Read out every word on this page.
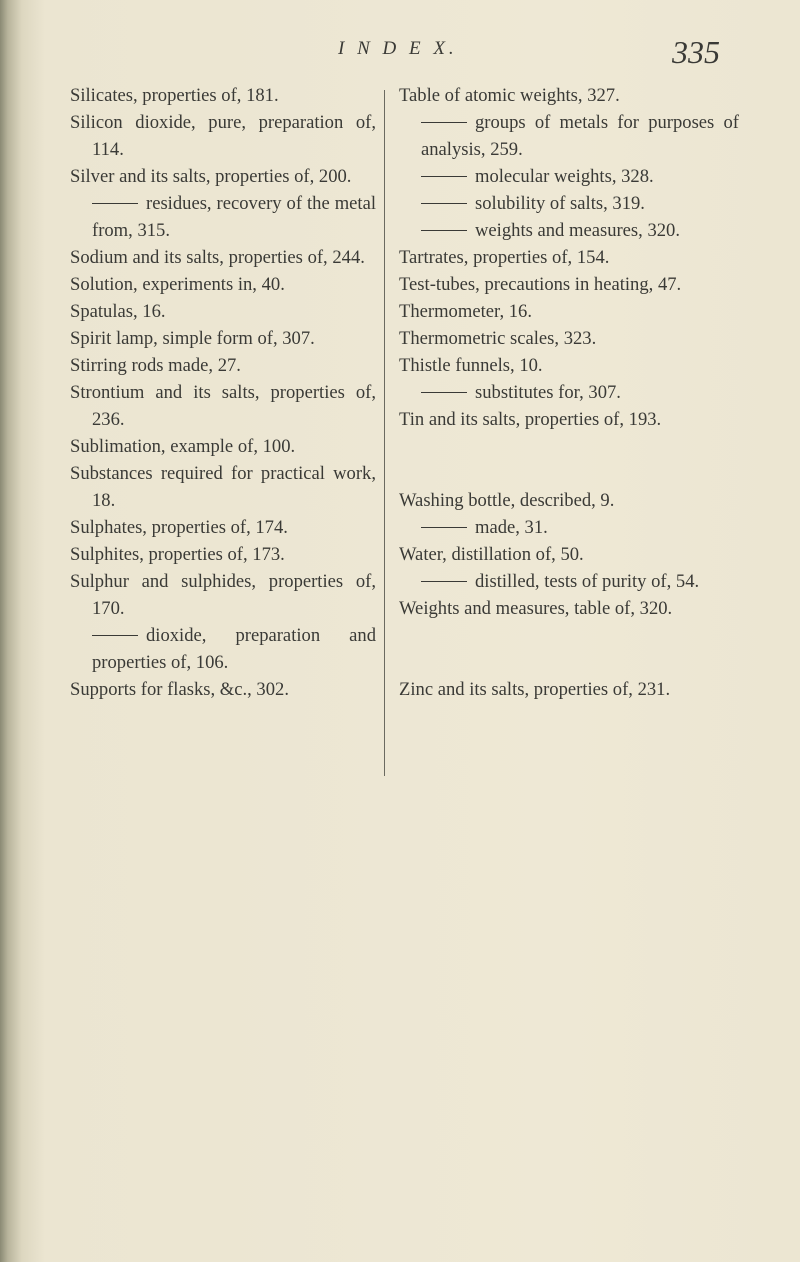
I N D E X.	335
Silicates, properties of, 181.
Silicon dioxide, pure, preparation of, 114.
Silver and its salts, properties of, 200.
residues, recovery of the metal from, 315.
Sodium and its salts, properties of, 244.
Solution, experiments in, 40.
Spatulas, 16.
Spirit lamp, simple form of, 307.
Stirring rods made, 27.
Strontium and its salts, properties of, 236.
Sublimation, example of, 100.
Substances required for practical work, 18.
Sulphates, properties of, 174.
Sulphites, properties of, 173.
Sulphur and sulphides, properties of, 170.
dioxide, preparation and properties of, 106.
Supports for flasks, &c., 302.
Table of atomic weights, 327.
groups of metals for purposes of analysis, 259.
molecular weights, 328.
solubility of salts, 319.
weights and measures, 320.
Tartrates, properties of, 154.
Test-tubes, precautions in heating, 47.
Thermometer, 16.
Thermometric scales, 323.
Thistle funnels, 10.
substitutes for, 307.
Tin and its salts, properties of, 193.
Washing bottle, described, 9.
made, 31.
Water, distillation of, 50.
distilled, tests of purity of, 54.
Weights and measures, table of, 320.
Zinc and its salts, properties of, 231.
